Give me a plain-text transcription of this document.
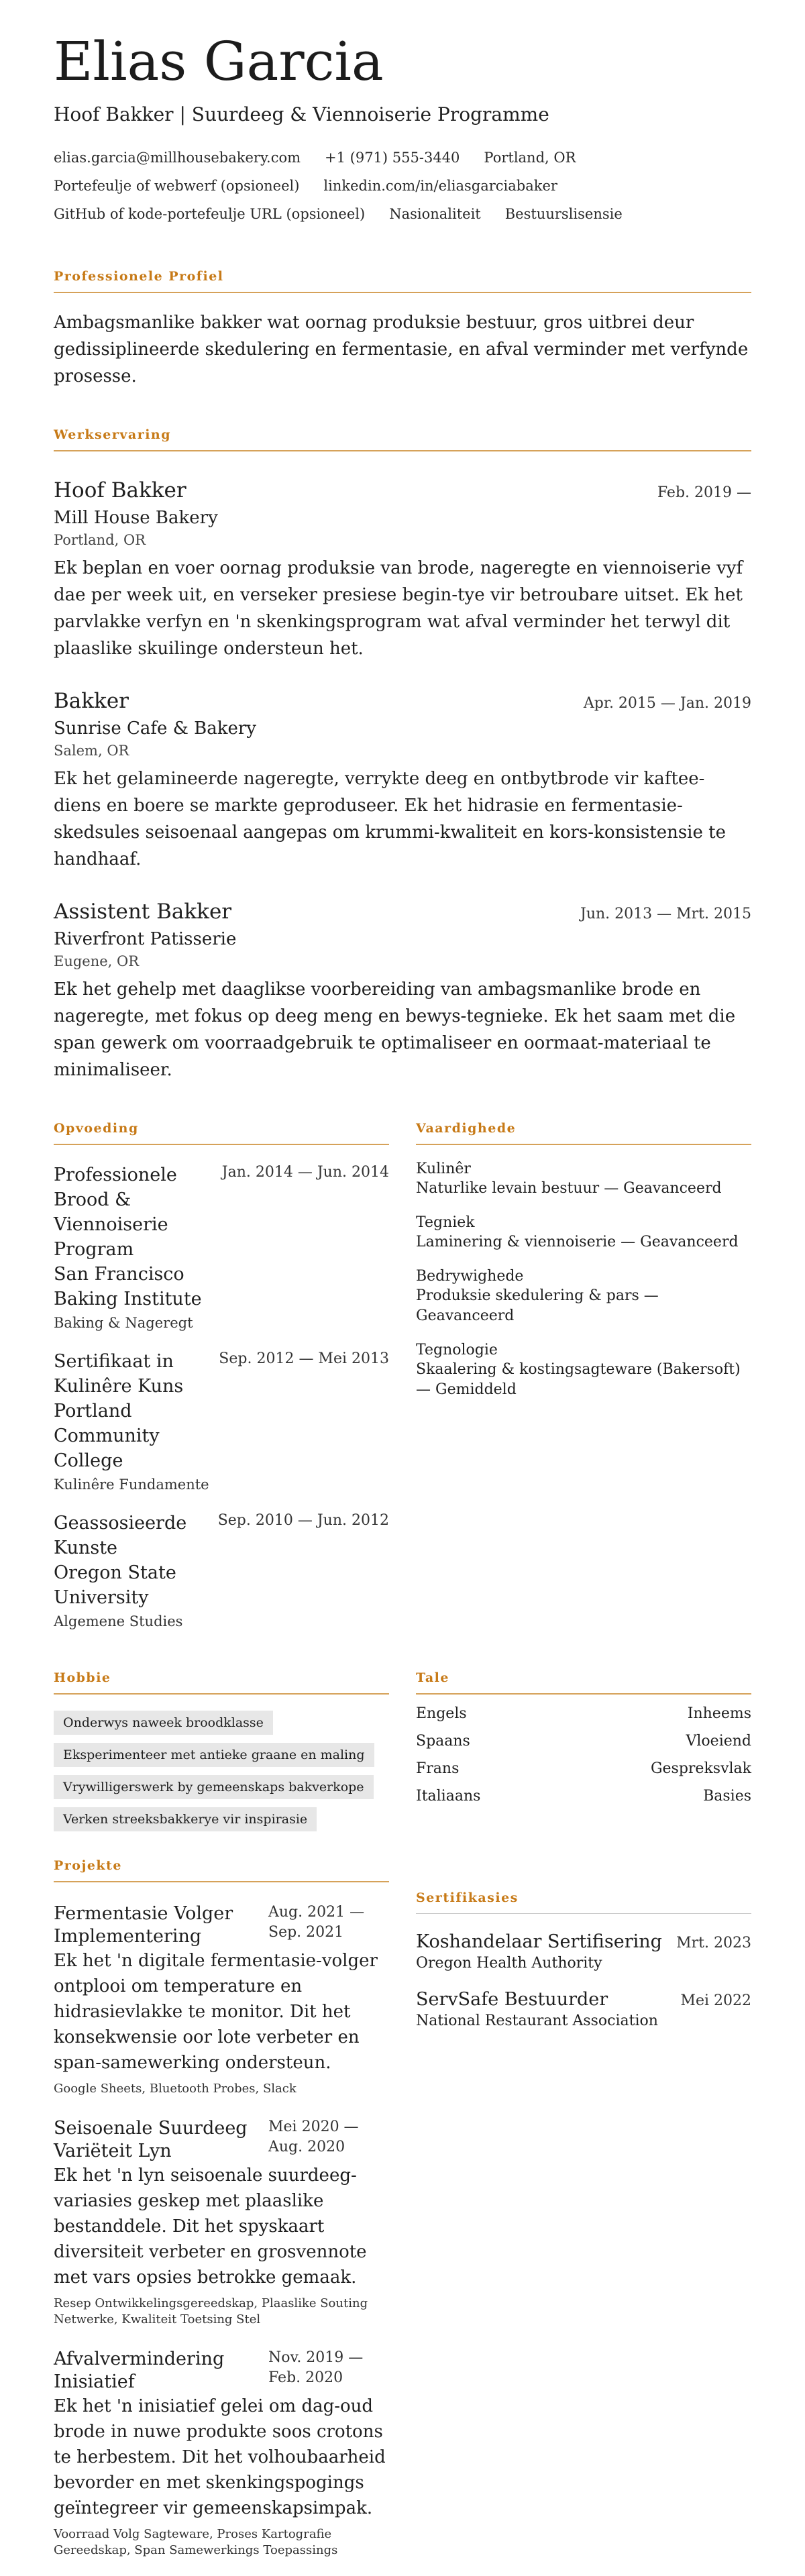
Elias Garcia
Hoof Bakker | Suurdeeg & Viennoiserie Programme
elias.garcia@millhousebakery.com +1 (971) 555-3440 Portland, OR
Portefeulje of webwerf (opsioneel) linkedin.com/in/eliasgarciabaker
GitHub of kode-portefeulje URL (opsioneel) Nasionaliteit Bestuurslisensie
Professionele Profiel
Ambagsmanlike bakker wat oornag produksie bestuur, gros uitbrei deur gedissiplineerde skedulering en fermentasie, en afval verminder met verfynde prosesse.
Werkservaring
Hoof Bakker	Feb. 2019 —
Mill House Bakery
Portland, OR
Ek beplan en voer oornag produksie van brode, nageregte en viennoiserie vyf dae per week uit, en verseker presiese begin-tye vir betroubare uitset. Ek het parvlakke verfyn en 'n skenkingsprogram wat afval verminder het terwyl dit plaaslike skuilinge ondersteun het.
Bakker	Apr. 2015 — Jan. 2019
Sunrise Cafe & Bakery
Salem, OR
Ek het gelamineerde nageregte, verrykte deeg en ontbytbrode vir kaftee-diens en boere se markte geproduseer. Ek het hidrasie en fermentasie-skedsules seisoenaal aangepas om krummi-kwaliteit en kors-konsistensie te handhaaf.
Assistent Bakker	Jun. 2013 — Mrt. 2015
Riverfront Patisserie
Eugene, OR
Ek het gehelp met daaglikse voorbereiding van ambagsmanlike brode en nageregte, met fokus op deeg meng en bewys-tegnieke. Ek het saam met die span gewerk om voorraadgebruik te optimaliseer en oormaat-materiaal te minimaliseer.
Opvoeding
Professionele Brood & Viennoiserie Program
San Francisco Baking Institute
Baking & Nageregt
Jan. 2014 — Jun. 2014
Sertifikaat in Kulinêre Kuns
Portland Community College
Kulinêre Fundamente
Sep. 2012 — Mei 2013
Geassosieerde Kunste
Oregon State University
Algemene Studies
Sep. 2010 — Jun. 2012
Vaardighede
Kulinêr
Naturlike levain bestuur — Geavanceerd
Tegniek
Laminering & viennoiserie — Geavanceerd
Bedrywighede
Produksie skedulering & pars — Geavanceerd
Tegnologie
Skaalering & kostingsagteware (Bakersoft) — Gemiddeld
Hobbie
Onderwys naweek broodklasse
Eksperimenteer met antieke graane en maling
Vrywilligerswerk by gemeenskaps bakverkope
Verken streeksbakkerye vir inspirasie
Tale
Engels	Inheems
Spaans	Vloeiend
Frans	Gespreksvlak
Italiaans	Basies
Projekte
Fermentasie Volger Implementering
Aug. 2021 — Sep. 2021
Ek het 'n digitale fermentasie-volger ontplooi om temperature en hidrasievlakke te monitor. Dit het konsekwensie oor lote verbeter en span-samewerking ondersteun.
Google Sheets, Bluetooth Probes, Slack
Seisoenale Suurdeeg Variëteit Lyn
Mei 2020 — Aug. 2020
Ek het 'n lyn seisoenale suurdeeg-variasies geskep met plaaslike bestanddele. Dit het spyskaart diversiteit verbeter en grosvennote met vars opsies betrokke gemaak.
Resep Ontwikkelingsgereedskap, Plaaslike Souting Netwerke, Kwaliteit Toetsing Stel
Afvalvermindering Inisiatief
Nov. 2019 — Feb. 2020
Ek het 'n inisiatief gelei om dag-oud brode in nuwe produkte soos crotons te herbestem. Dit het volhoubaarheid bevorder en met skenkingspogings geïntegreer vir gemeenskapsimpak.
Voorraad Volg Sagteware, Proses Kartografie Gereedskap, Span Samewerkings Toepassings
Sertifikasies
Koshandelaar Sertifisering Mrt. 2023
Oregon Health Authority
ServSafe Bestuurder	Mei 2022
National Restaurant Association
